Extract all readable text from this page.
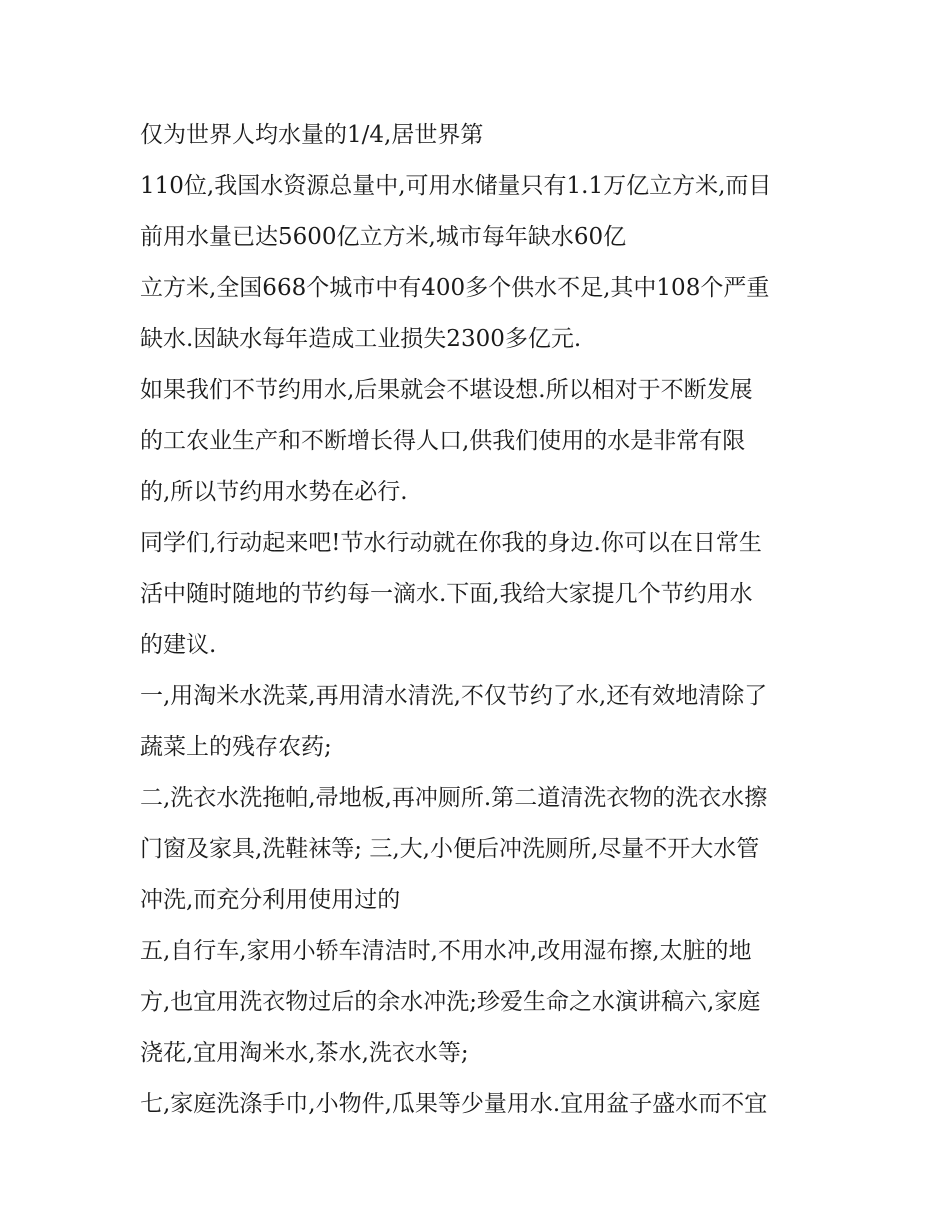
仅为世界人均水量的1/4,居世界第
110位,我国水资源总量中,可用水储量只有1.1万亿立方米,而目
前用水量已达5600亿立方米,城市每年缺水60亿
立方米,全国668个城市中有400多个供水不足,其中108个严重
缺水.因缺水每年造成工业损失2300多亿元.
如果我们不节约用水,后果就会不堪设想.所以相对于不断发展
的工农业生产和不断增长得人口,供我们使用的水是非常有限
的,所以节约用水势在必行.
同学们,行动起来吧!节水行动就在你我的身边.你可以在日常生
活中随时随地的节约每一滴水.下面,我给大家提几个节约用水
的建议.
一,用淘米水洗菜,再用清水清洗,不仅节约了水,还有效地清除了
蔬菜上的残存农药;
二,洗衣水洗拖帕,帚地板,再冲厕所.第二道清洗衣物的洗衣水擦
门窗及家具,洗鞋袜等; 三,大,小便后冲洗厕所,尽量不开大水管
冲洗,而充分利用使用过的
五,自行车,家用小轿车清洁时,不用水冲,改用湿布擦,太脏的地
方,也宜用洗衣物过后的余水冲洗;珍爱生命之水演讲稿六,家庭
浇花,宜用淘米水,茶水,洗衣水等;
七,家庭洗涤手巾,小物件,瓜果等少量用水.宜用盆子盛水而不宜
